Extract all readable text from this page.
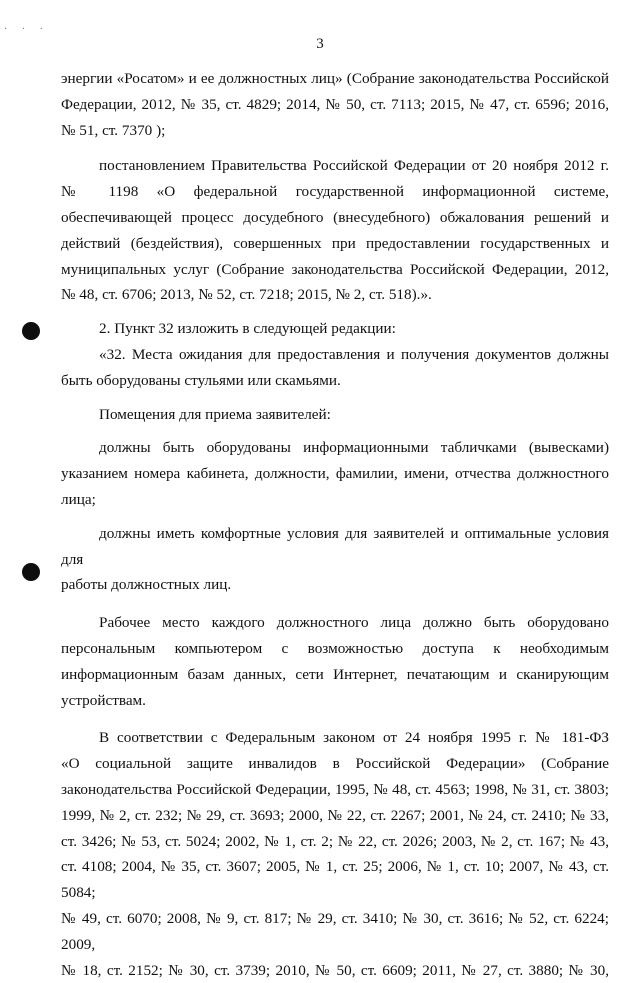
· · ·
3

энергии «Росатом» и ее должностных лиц» (Собрание законодательства Российской

Федерации, 2012, № 35, ст. 4829; 2014, № 50, ст. 7113; 2015, № 47, ст. 6596; 2016,

№ 51, ст. 7370 );

постановлением Правительства Российской Федерации от 20 ноября 2012 г.

№ 1198 «О федеральной государственной информационной системе,

обеспечивающей процесс досудебного (внесудебного) обжалования решений и

действий (бездействия), совершенных при предоставлении государственных и

муниципальных услуг (Собрание законодательства Российской Федерации, 2012,

№ 48, ст. 6706; 2013, № 52, ст. 7218; 2015, № 2, ст. 518).».

2. Пункт 32 изложить в следующей редакции:

«32. Места ожидания для предоставления и получения документов должны

быть оборудованы стульями или скамьями.

Помещения для приема заявителей:

должны быть оборудованы информационными табличками (вывесками)

указанием номера кабинета, должности, фамилии, имени, отчества должностного

лица;

должны иметь комфортные условия для заявителей и оптимальные условия для

работы должностных лиц.

Рабочее место каждого должностного лица должно быть оборудовано

персональным компьютером с возможностью доступа к необходимым

информационным базам данных, сети Интернет, печатающим и сканирующим

устройствам.

В соответствии с Федеральным законом от 24 ноября 1995 г. № 181-ФЗ

«О социальной защите инвалидов в Российской Федерации» (Собрание

законодательства Российской Федерации, 1995, № 48, ст. 4563; 1998, № 31, ст. 3803;

1999, № 2, ст. 232; № 29, ст. 3693; 2000, № 22, ст. 2267; 2001, № 24, ст. 2410; № 33,

ст. 3426; № 53, ст. 5024; 2002, № 1, ст. 2; № 22, ст. 2026; 2003, № 2, ст. 167; № 43,

ст. 4108; 2004, № 35, ст. 3607; 2005, № 1, ст. 25; 2006, № 1, ст. 10; 2007, № 43, ст. 5084;

№ 49, ст. 6070; 2008, № 9, ст. 817; № 29, ст. 3410; № 30, ст. 3616; № 52, ст. 6224; 2009,

№ 18, ст. 2152; № 30, ст. 3739; 2010, № 50, ст. 6609; 2011, № 27, ст. 3880; № 30,
